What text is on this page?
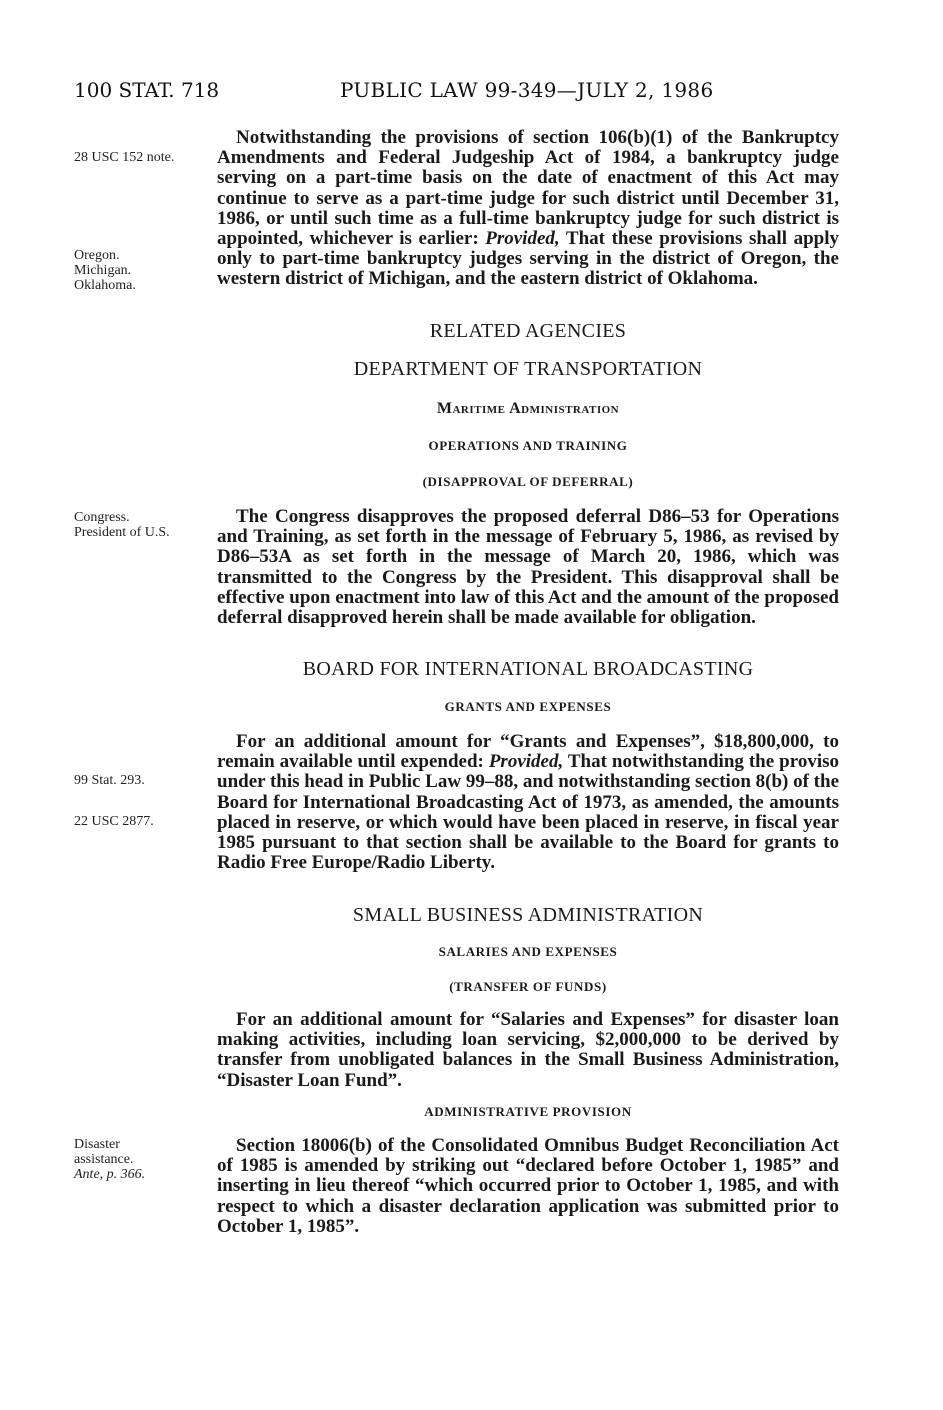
100 STAT. 718	PUBLIC LAW 99-349—JULY 2, 1986
28 USC 152 note.
Oregon.
Michigan.
Oklahoma.
Congress.
President of U.S.
99 Stat. 293.
22 USC 2877.
Disaster
assistance.
Ante, p. 366.

Notwithstanding the provisions of section 106(b)(1) of the Bankruptcy Amendments and Federal Judgeship Act of 1984, a bankruptcy judge serving on a part-time basis on the date of enactment of this Act may continue to serve as a part-time judge for such district until December 31, 1986, or until such time as a full-time bankruptcy judge for such district is appointed, whichever is earlier: Provided, That these provisions shall apply only to part-time bankruptcy judges serving in the district of Oregon, the western district of Michigan, and the eastern district of Oklahoma.

RELATED AGENCIES
DEPARTMENT OF TRANSPORTATION
Maritime Administration
OPERATIONS AND TRAINING
(DISAPPROVAL OF DEFERRAL)

The Congress disapproves the proposed deferral D86–53 for Operations and Training, as set forth in the message of February 5, 1986, as revised by D86–53A as set forth in the message of March 20, 1986, which was transmitted to the Congress by the President. This disapproval shall be effective upon enactment into law of this Act and the amount of the proposed deferral disapproved herein shall be made available for obligation.

BOARD FOR INTERNATIONAL BROADCASTING
GRANTS AND EXPENSES

For an additional amount for “Grants and Expenses”, $18,800,000, to remain available until expended: Provided, That notwithstanding the proviso under this head in Public Law 99–88, and notwithstanding section 8(b) of the Board for International Broadcasting Act of 1973, as amended, the amounts placed in reserve, or which would have been placed in reserve, in fiscal year 1985 pursuant to that section shall be available to the Board for grants to Radio Free Europe/Radio Liberty.

SMALL BUSINESS ADMINISTRATION
SALARIES AND EXPENSES
(TRANSFER OF FUNDS)

For an additional amount for “Salaries and Expenses” for disaster loan making activities, including loan servicing, $2,000,000 to be derived by transfer from unobligated balances in the Small Business Administration, “Disaster Loan Fund”.

ADMINISTRATIVE PROVISION

Section 18006(b) of the Consolidated Omnibus Budget Reconciliation Act of 1985 is amended by striking out “declared before October 1, 1985” and inserting in lieu thereof “which occurred prior to October 1, 1985, and with respect to which a disaster declaration application was submitted prior to October 1, 1985”.
